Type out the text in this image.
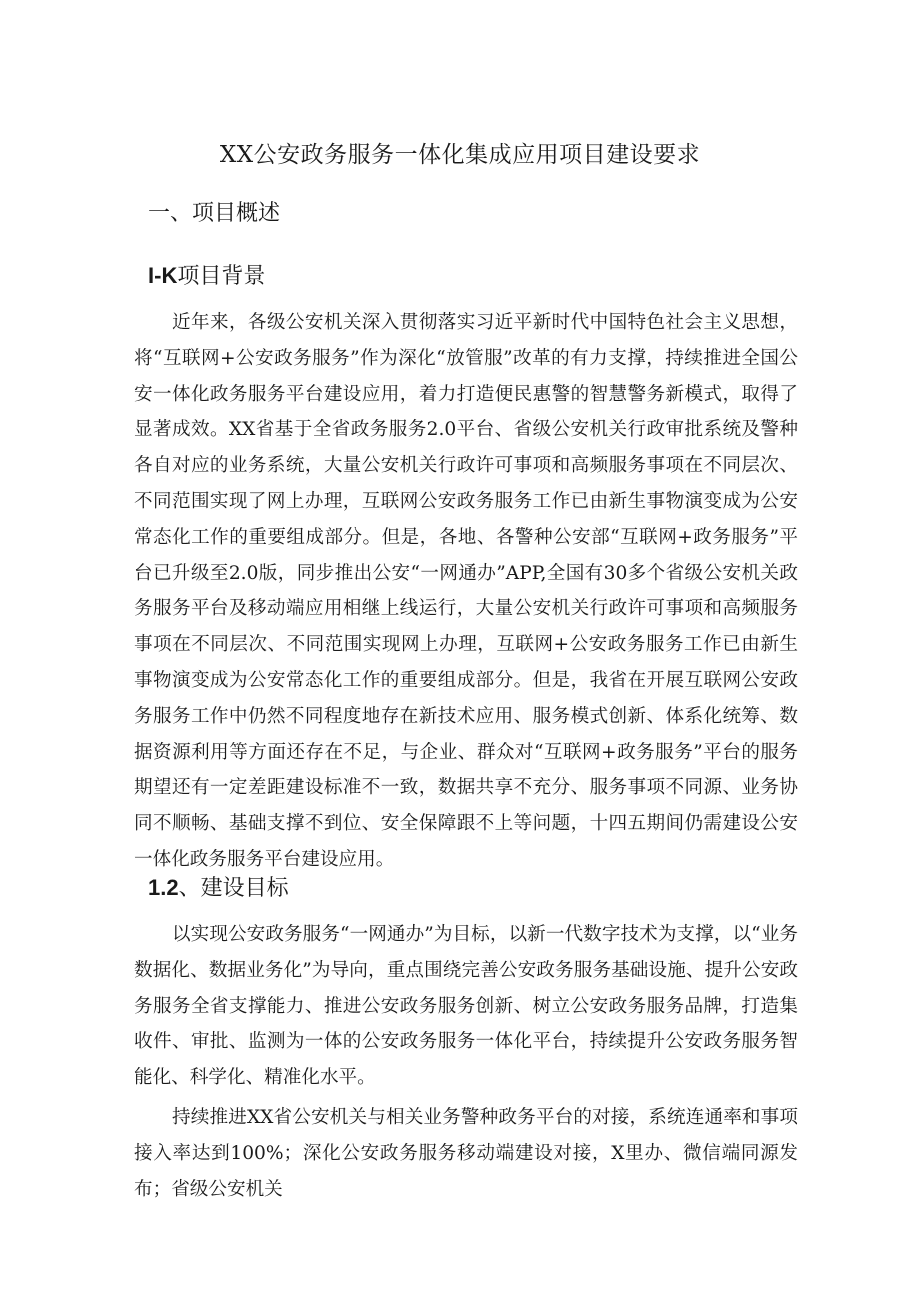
XX公安政务服务一体化集成应用项目建设要求
一、项目概述
I-K项目背景

近年来，各级公安机关深入贯彻落实习近平新时代中国特色社会主义思想，将“互联网+公安政务服务”作为深化“放管服”改革的有力支撑，持续推进全国公安一体化政务服务平台建设应用，着力打造便民惠警的智慧警务新模式，取得了显著成效。XX省基于全省政务服务2.0平台、省级公安机关行政审批系统及警种各自对应的业务系统，大量公安机关行政许可事项和高频服务事项在不同层次、不同范围实现了网上办理，互联网公安政务服务工作已由新生事物演变成为公安常态化工作的重要组成部分。但是，各地、各警种公安部“互联网+政务服务”平台已升级至2.0版，同步推出公安“一网通办”APP,全国有30多个省级公安机关政务服务平台及移动端应用相继上线运行，大量公安机关行政许可事项和高频服务事项在不同层次、不同范围实现网上办理，互联网+公安政务服务工作已由新生事物演变成为公安常态化工作的重要组成部分。但是，我省在开展互联网公安政务服务工作中仍然不同程度地存在新技术应用、服务模式创新、体系化统筹、数据资源利用等方面还存在不足，与企业、群众对“互联网+政务服务”平台的服务期望还有一定差距建设标准不一致，数据共享不充分、服务事项不同源、业务协同不顺畅、基础支撑不到位、安全保障跟不上等问题，十四五期间仍需建设公安一体化政务服务平台建设应用。

1.2、建设目标

以实现公安政务服务“一网通办”为目标，以新一代数字技术为支撑，以“业务数据化、数据业务化”为导向，重点围绕完善公安政务服务基础设施、提升公安政务服务全省支撑能力、推进公安政务服务创新、树立公安政务服务品牌，打造集收件、审批、监测为一体的公安政务服务一体化平台，持续提升公安政务服务智能化、科学化、精准化水平。

持续推进XX省公安机关与相关业务警种政务平台的对接，系统连通率和事项接入率达到100%；深化公安政务服务移动端建设对接，X里办、微信端同源发布；省级公安机关
